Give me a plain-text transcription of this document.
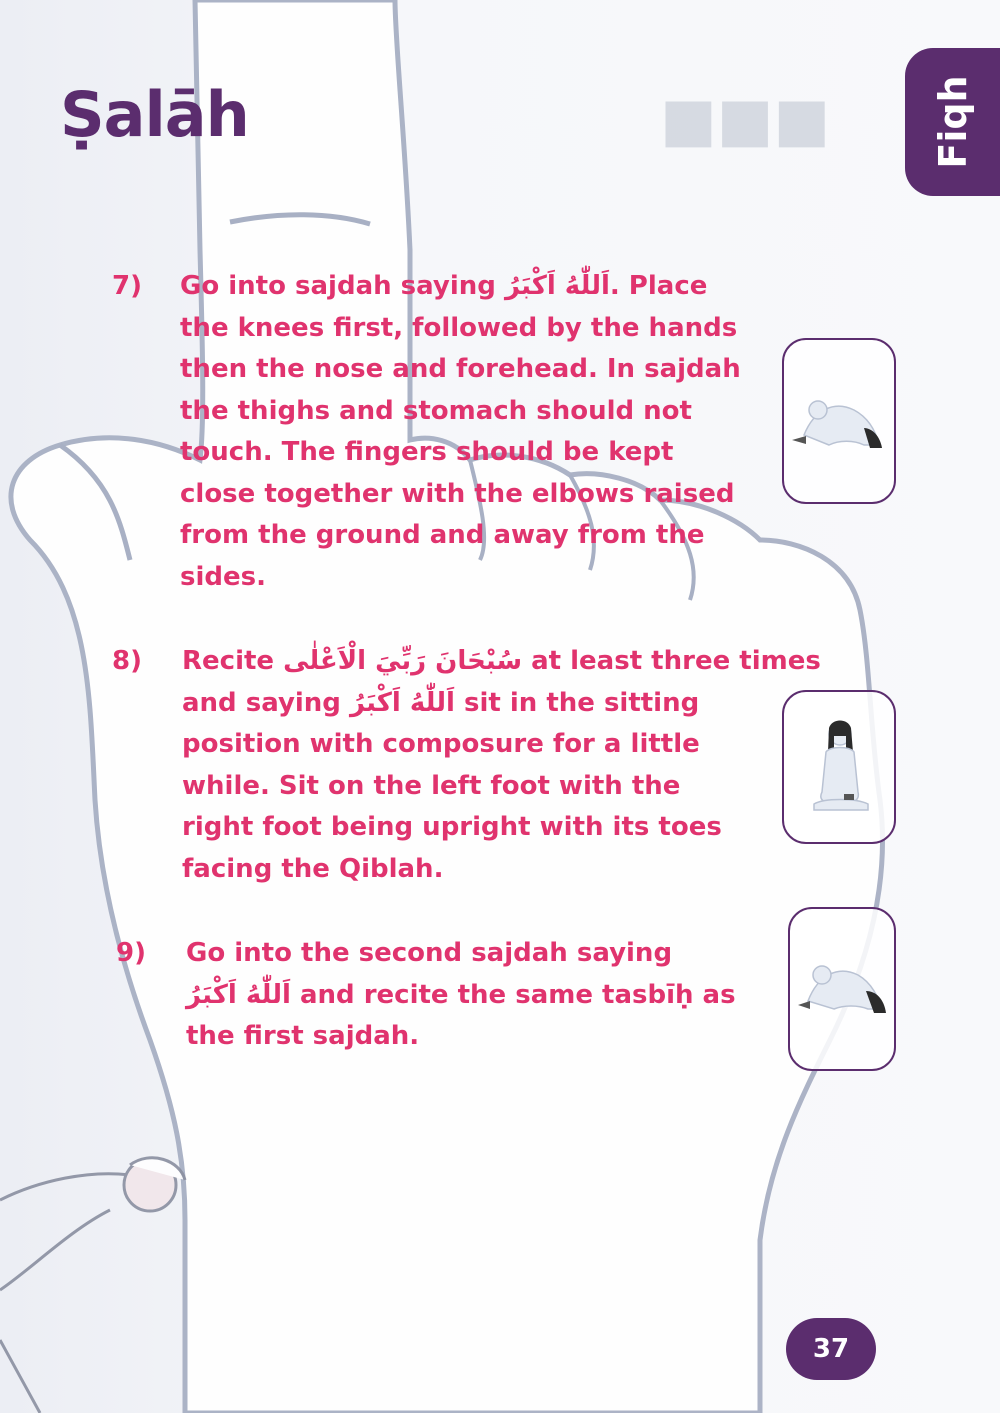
■■■
Ṣalāh	Fiqh
7) Go into sajdah saying اَللّٰهُ اَكْبَرُ. Place
the knees first, followed by the hands
then the nose and forehead. In sajdah
the thighs and stomach should not
touch. The fingers should be kept
close together with the elbows raised
from the ground and away from the
sides.
8) Recite سُبْحَانَ رَبِّيَ الْاَعْلٰى at least three times
and saying اَللّٰهُ اَكْبَرُ sit in the sitting
position with composure for a little
while. Sit on the left foot with the
right foot being upright with its toes
facing the Qiblah.
9) Go into the second sajdah saying
اَللّٰهُ اَكْبَرُ and recite the same tasbīḥ as
the first sajdah.
37
